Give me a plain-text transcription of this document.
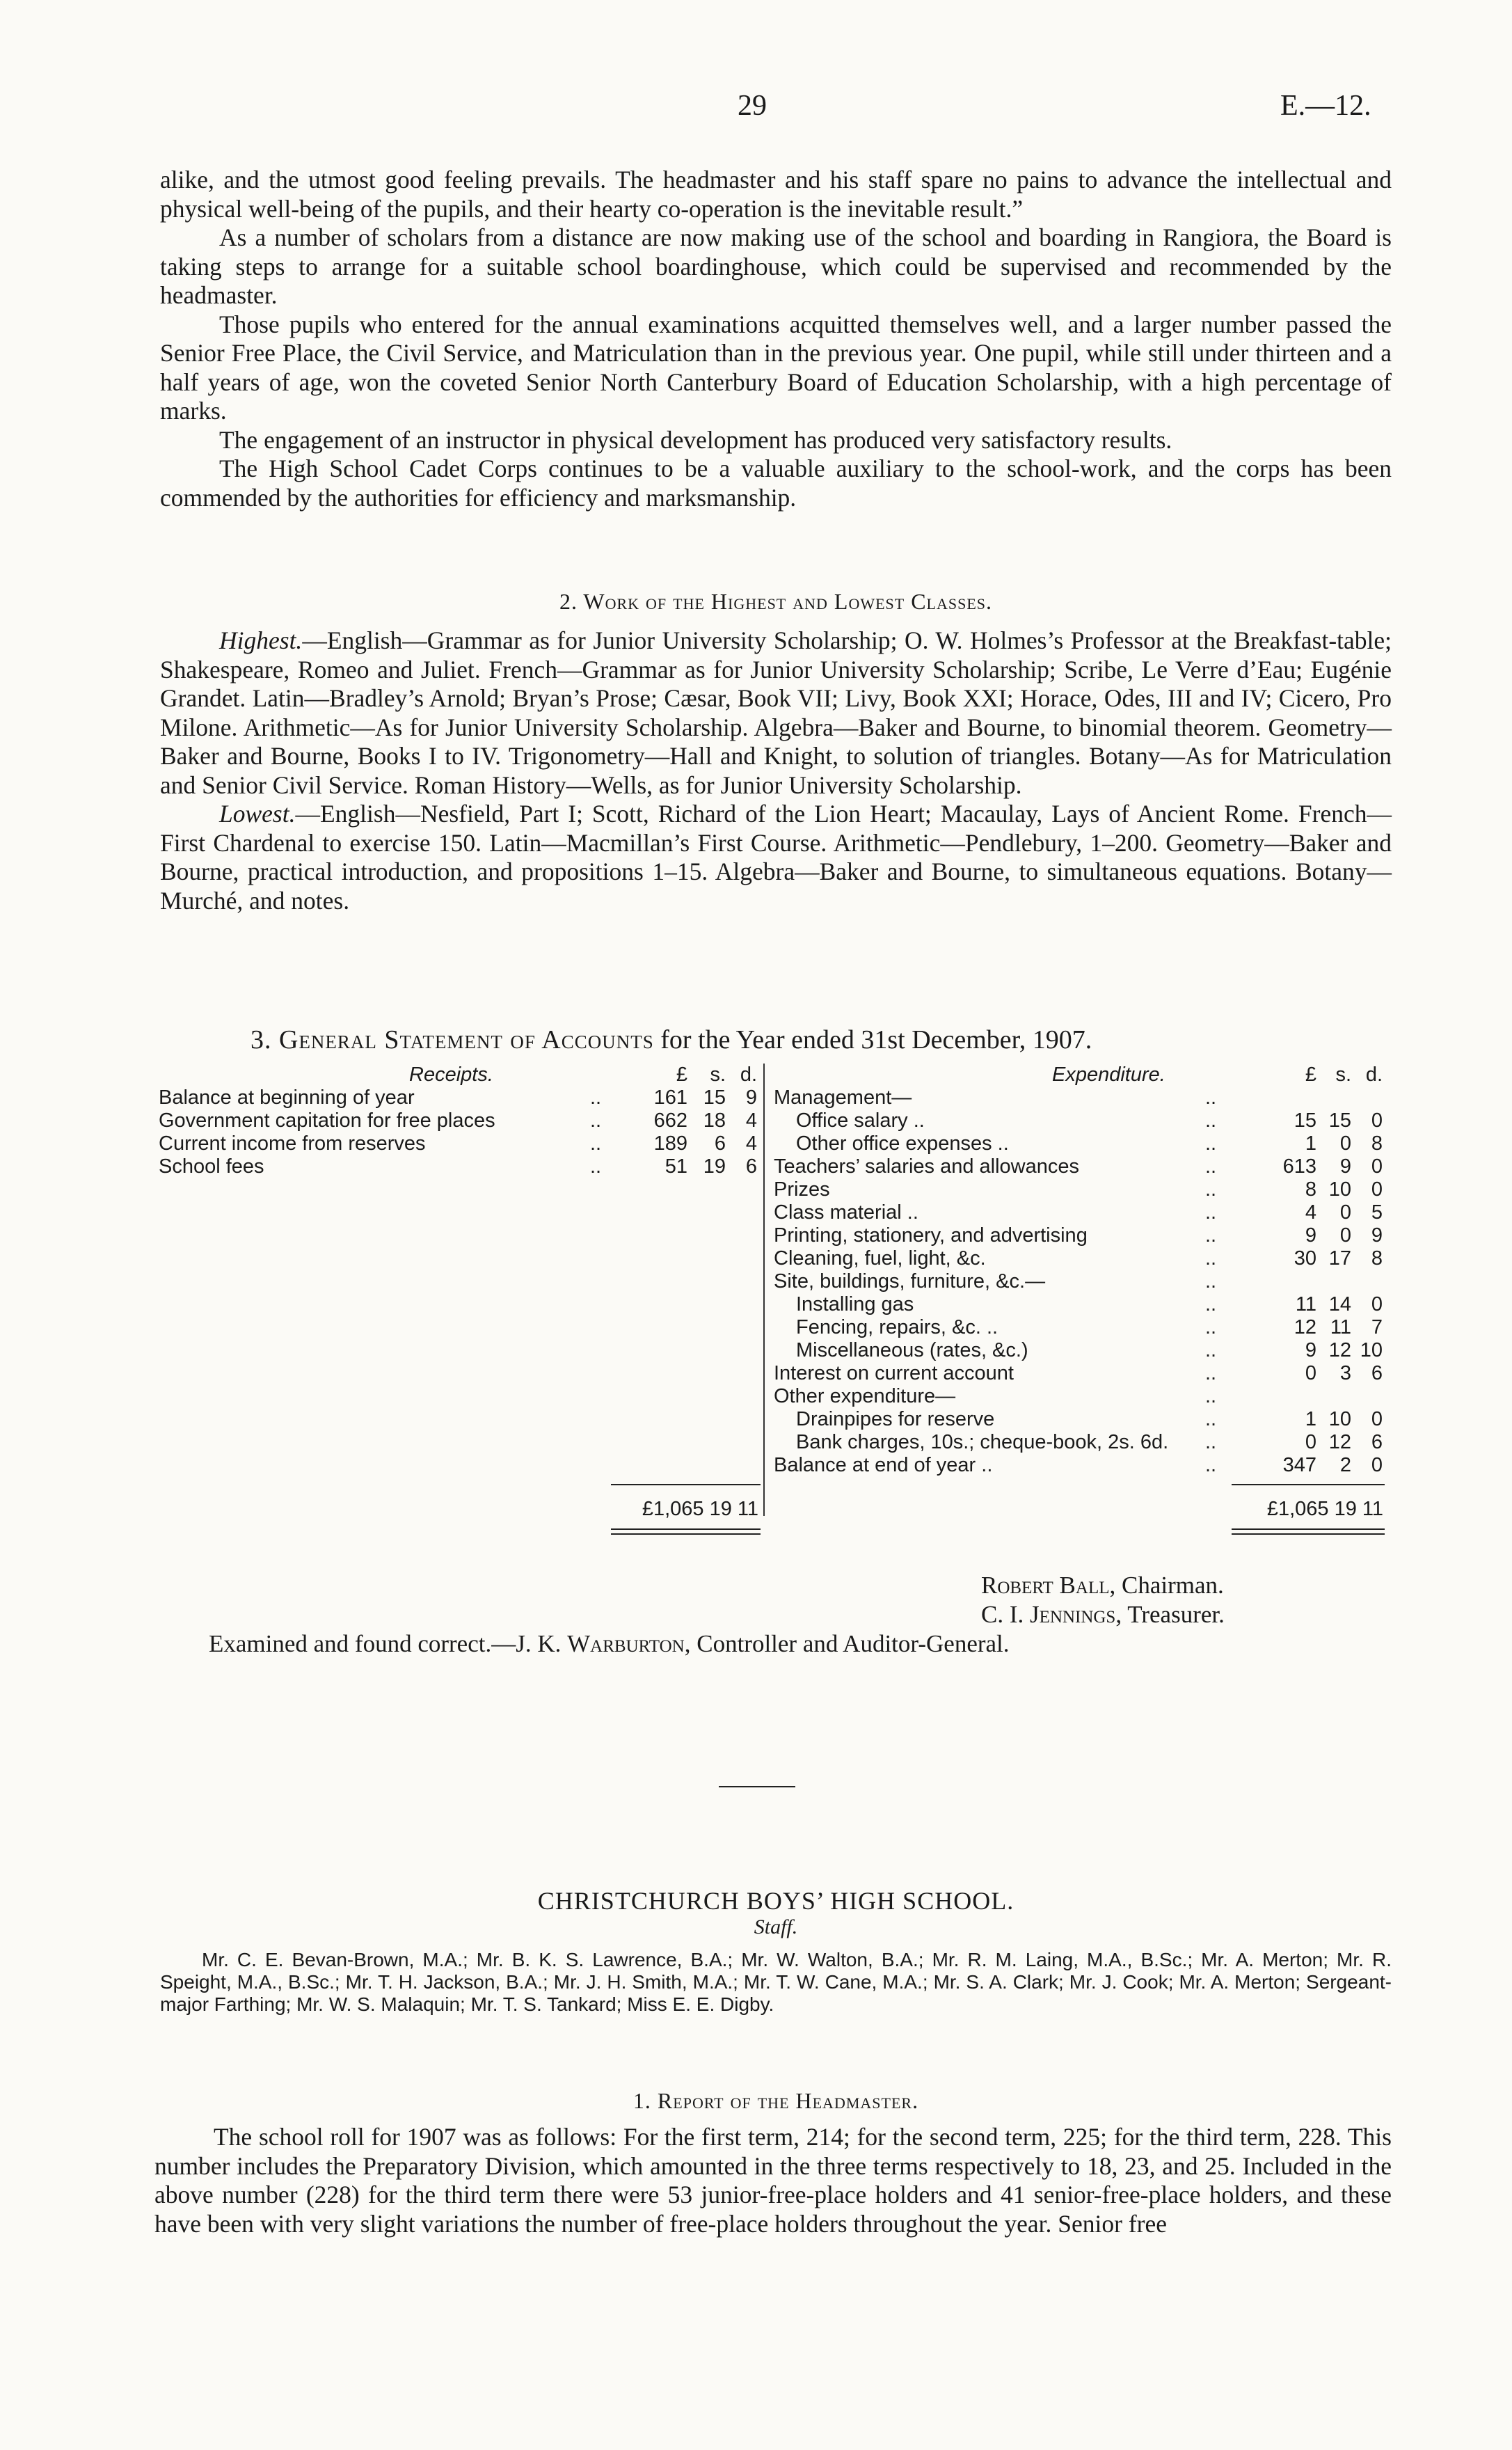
29	E.—12.

alike, and the utmost good feeling prevails. The headmaster and his staff spare no pains to advance the intellectual and physical well-being of the pupils, and their hearty co-operation is the inevitable result.”

As a number of scholars from a distance are now making use of the school and boarding in Rangiora, the Board is taking steps to arrange for a suitable school boardinghouse, which could be supervised and recommended by the headmaster.

Those pupils who entered for the annual examinations acquitted themselves well, and a larger number passed the Senior Free Place, the Civil Service, and Matriculation than in the previous year. One pupil, while still under thirteen and a half years of age, won the coveted Senior North Canterbury Board of Education Scholarship, with a high percentage of marks.

The engagement of an instructor in physical development has produced very satisfactory results.

The High School Cadet Corps continues to be a valuable auxiliary to the school-work, and the corps has been commended by the authorities for efficiency and marksmanship.

2. Work of the Highest and Lowest Classes.

Highest.—English—Grammar as for Junior University Scholarship; O. W. Holmes’s Professor at the Breakfast-table; Shakespeare, Romeo and Juliet. French—Grammar as for Junior University Scholarship; Scribe, Le Verre d’Eau; Eugénie Grandet. Latin—Bradley’s Arnold; Bryan’s Prose; Cæsar, Book VII; Livy, Book XXI; Horace, Odes, III and IV; Cicero, Pro Milone. Arithmetic—As for Junior University Scholarship. Algebra—Baker and Bourne, to binomial theorem. Geometry—Baker and Bourne, Books I to IV. Trigonometry—Hall and Knight, to solution of triangles. Botany—As for Matriculation and Senior Civil Service. Roman History—Wells, as for Junior University Scholarship.

Lowest.—English—Nesfield, Part I; Scott, Richard of the Lion Heart; Macaulay, Lays of Ancient Rome. French—First Chardenal to exercise 150. Latin—Macmillan’s First Course. Arithmetic—Pendlebury, 1–200. Geometry—Baker and Bourne, practical introduction, and propositions 1–15. Algebra—Baker and Bourne, to simultaneous equations. Botany—Murché, and notes.

3. General Statement of Accounts for the Year ended 31st December, 1907.
Receipts.	£	s. d.
Balance at beginning of year	..	161 15 9
Government capitation for free places	..	662 18 4
Current income from reserves	..	189	6 4
School fees	..	51 19 6
Expenditure.	£ s. d.
Management—	..
Office salary ..	..	15 15 0
Other office expenses ..	..	1	0 8
Teachers’ salaries and allowances	..	613	9 0
Prizes	..	8 10 0
Class material ..	..	4	0 5
Printing, stationery, and advertising	..	9	0 9
Cleaning, fuel, light, &c.	..	30 17 8
Site, buildings, furniture, &c.—	..
Installing gas	..	11 14 0
Fencing, repairs, &c. ..	..	12 11 7
Miscellaneous (rates, &c.)	..	9 12 10
Interest on current account	..	0	3 6
Other expenditure—	..
Drainpipes for reserve	..	1 10 0
Bank charges, 10s.; cheque-book, 2s. 6d. ..	0 12 6
Balance at end of year ..	..	347	2 0
£1,065 19 11	£1,065 19 11
Robert Ball, Chairman.
C. I. Jennings, Treasurer.
Examined and found correct.—J. K. Warburton, Controller and Auditor-General.
CHRISTCHURCH BOYS’ HIGH SCHOOL.
Staff.
Mr. C. E. Bevan-Brown, M.A.; Mr. B. K. S. Lawrence, B.A.; Mr. W. Walton, B.A.; Mr. R. M. Laing, M.A., B.Sc.; Mr. A. Merton; Mr. R. Speight, M.A., B.Sc.; Mr. T. H. Jackson, B.A.; Mr. J. H. Smith, M.A.; Mr. T. W. Cane, M.A.; Mr. S. A. Clark; Mr. J. Cook; Mr. A. Merton; Sergeant-major Farthing; Mr. W. S. Malaquin; Mr. T. S. Tankard; Miss E. E. Digby.
1. Report of the Headmaster.

The school roll for 1907 was as follows: For the first term, 214; for the second term, 225; for the third term, 228. This number includes the Preparatory Division, which amounted in the three terms respectively to 18, 23, and 25. Included in the above number (228) for the third term there were 53 junior-free-place holders and 41 senior-free-place holders, and these have been with very slight variations the number of free-place holders throughout the year. Senior free
